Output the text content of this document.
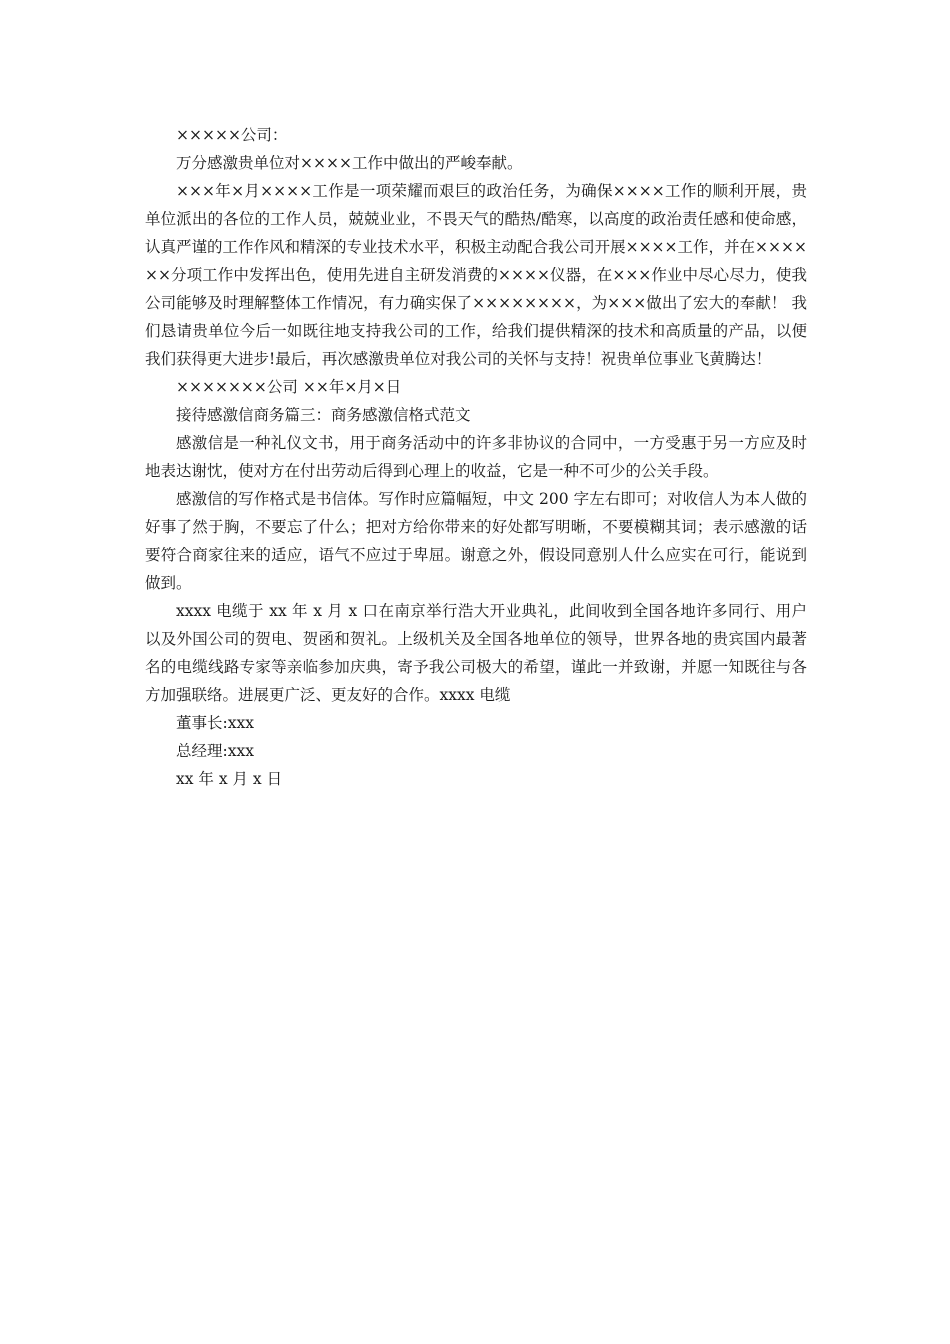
×××××公司：

万分感激贵单位对××××工作中做出的严峻奉献。

×××年×月××××工作是一项荣耀而艰巨的政治任务，为确保××××工作的顺利开展，贵单位派出的各位的工作人员，兢兢业业，不畏天气的酷热/酷寒，以高度的政治责任感和使命感，认真严谨的工作作风和精深的专业技术水平，积极主动配合我公司开展××××工作，并在××××××分项工作中发挥出色，使用先进自主研发消费的××××仪器，在×××作业中尽心尽力，使我公司能够及时理解整体工作情况，有力确实保了××××××××，为×××做出了宏大的奉献！ 我们恳请贵单位今后一如既往地支持我公司的工作，给我们提供精深的技术和高质量的产品，以便我们获得更大进步!最后，再次感激贵单位对我公司的关怀与支持！祝贵单位事业飞黄腾达！

×××××××公司 ××年×月×日

接待感激信商务篇三：商务感激信格式范文

感激信是一种礼仪文书，用于商务活动中的许多非协议的合同中，一方受惠于另一方应及时地表达谢忱，使对方在付出劳动后得到心理上的收益，它是一种不可少的公关手段。

感激信的写作格式是书信体。写作时应篇幅短，中文 200 字左右即可；对收信人为本人做的好事了然于胸，不要忘了什么；把对方给你带来的好处都写明晰，不要模糊其词；表示感激的话要符合商家往来的适应，语气不应过于卑屈。谢意之外，假设同意别人什么应实在可行，能说到做到。

xxxx 电缆于 xx 年 x 月 x 口在南京举行浩大开业典礼，此间收到全国各地许多同行、用户以及外国公司的贺电、贺函和贺礼。上级机关及全国各地单位的领导，世界各地的贵宾国内最著名的电缆线路专家等亲临参加庆典，寄予我公司极大的希望，谨此一并致谢，并愿一知既往与各方加强联络。进展更广泛、更友好的合作。xxxx 电缆

董事长:xxx

总经理:xxx

xx 年 x 月 x 日
